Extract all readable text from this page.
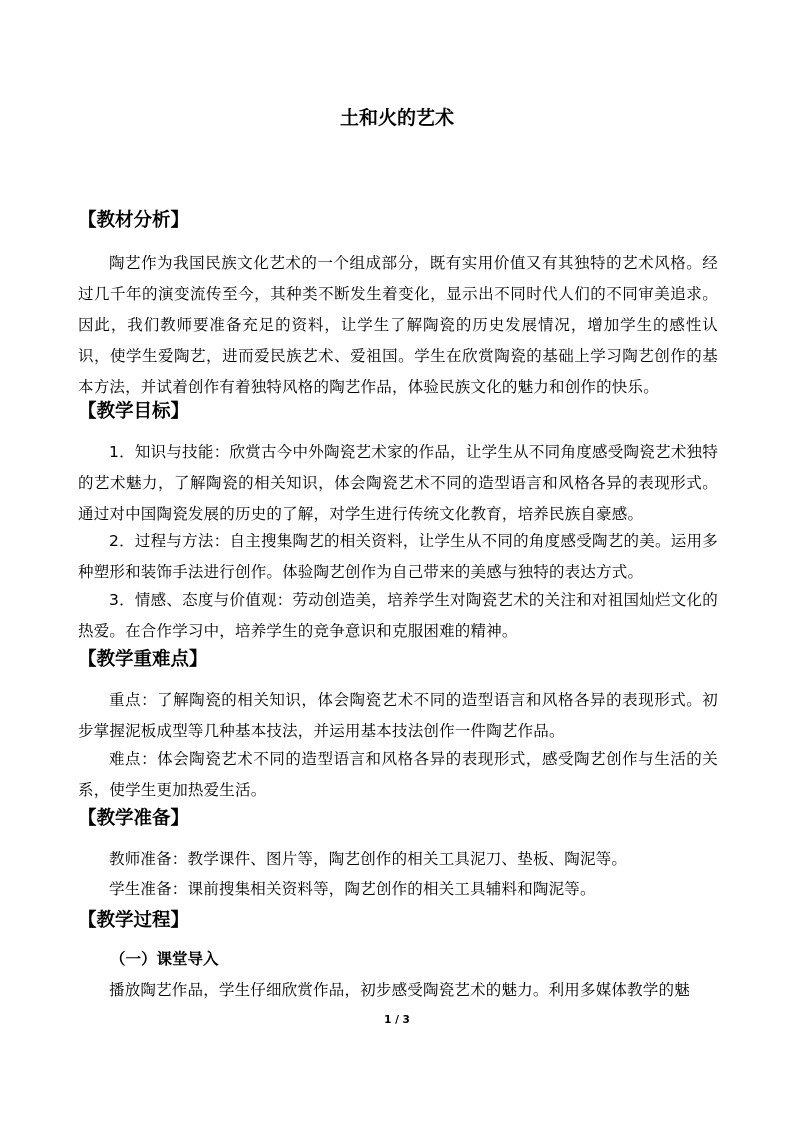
土和火的艺术
【教材分析】
陶艺作为我国民族文化艺术的一个组成部分，既有实用价值又有其独特的艺术风格。经过几千年的演变流传至今，其种类不断发生着变化，显示出不同时代人们的不同审美追求。因此，我们教师要准备充足的资料，让学生了解陶瓷的历史发展情况，增加学生的感性认识，使学生爱陶艺，进而爱民族艺术、爱祖国。学生在欣赏陶瓷的基础上学习陶艺创作的基本方法，并试着创作有着独特风格的陶艺作品，体验民族文化的魅力和创作的快乐。
【教学目标】
1．知识与技能：欣赏古今中外陶瓷艺术家的作品，让学生从不同角度感受陶瓷艺术独特的艺术魅力，了解陶瓷的相关知识，体会陶瓷艺术不同的造型语言和风格各异的表现形式。通过对中国陶瓷发展的历史的了解，对学生进行传统文化教育，培养民族自豪感。
2．过程与方法：自主搜集陶艺的相关资料，让学生从不同的角度感受陶艺的美。运用多种塑形和装饰手法进行创作。体验陶艺创作为自己带来的美感与独特的表达方式。
3．情感、态度与价值观：劳动创造美，培养学生对陶瓷艺术的关注和对祖国灿烂文化的热爱。在合作学习中，培养学生的竞争意识和克服困难的精神。
【教学重难点】
重点：了解陶瓷的相关知识，体会陶瓷艺术不同的造型语言和风格各异的表现形式。初步掌握泥板成型等几种基本技法，并运用基本技法创作一件陶艺作品。
难点：体会陶瓷艺术不同的造型语言和风格各异的表现形式，感受陶艺创作与生活的关系，使学生更加热爱生活。
【教学准备】
教师准备：教学课件、图片等，陶艺创作的相关工具泥刀、垫板、陶泥等。
学生准备：课前搜集相关资料等，陶艺创作的相关工具辅料和陶泥等。
【教学过程】
（一）课堂导入
播放陶艺作品，学生仔细欣赏作品，初步感受陶瓷艺术的魅力。利用多媒体教学的魅
1 / 3
